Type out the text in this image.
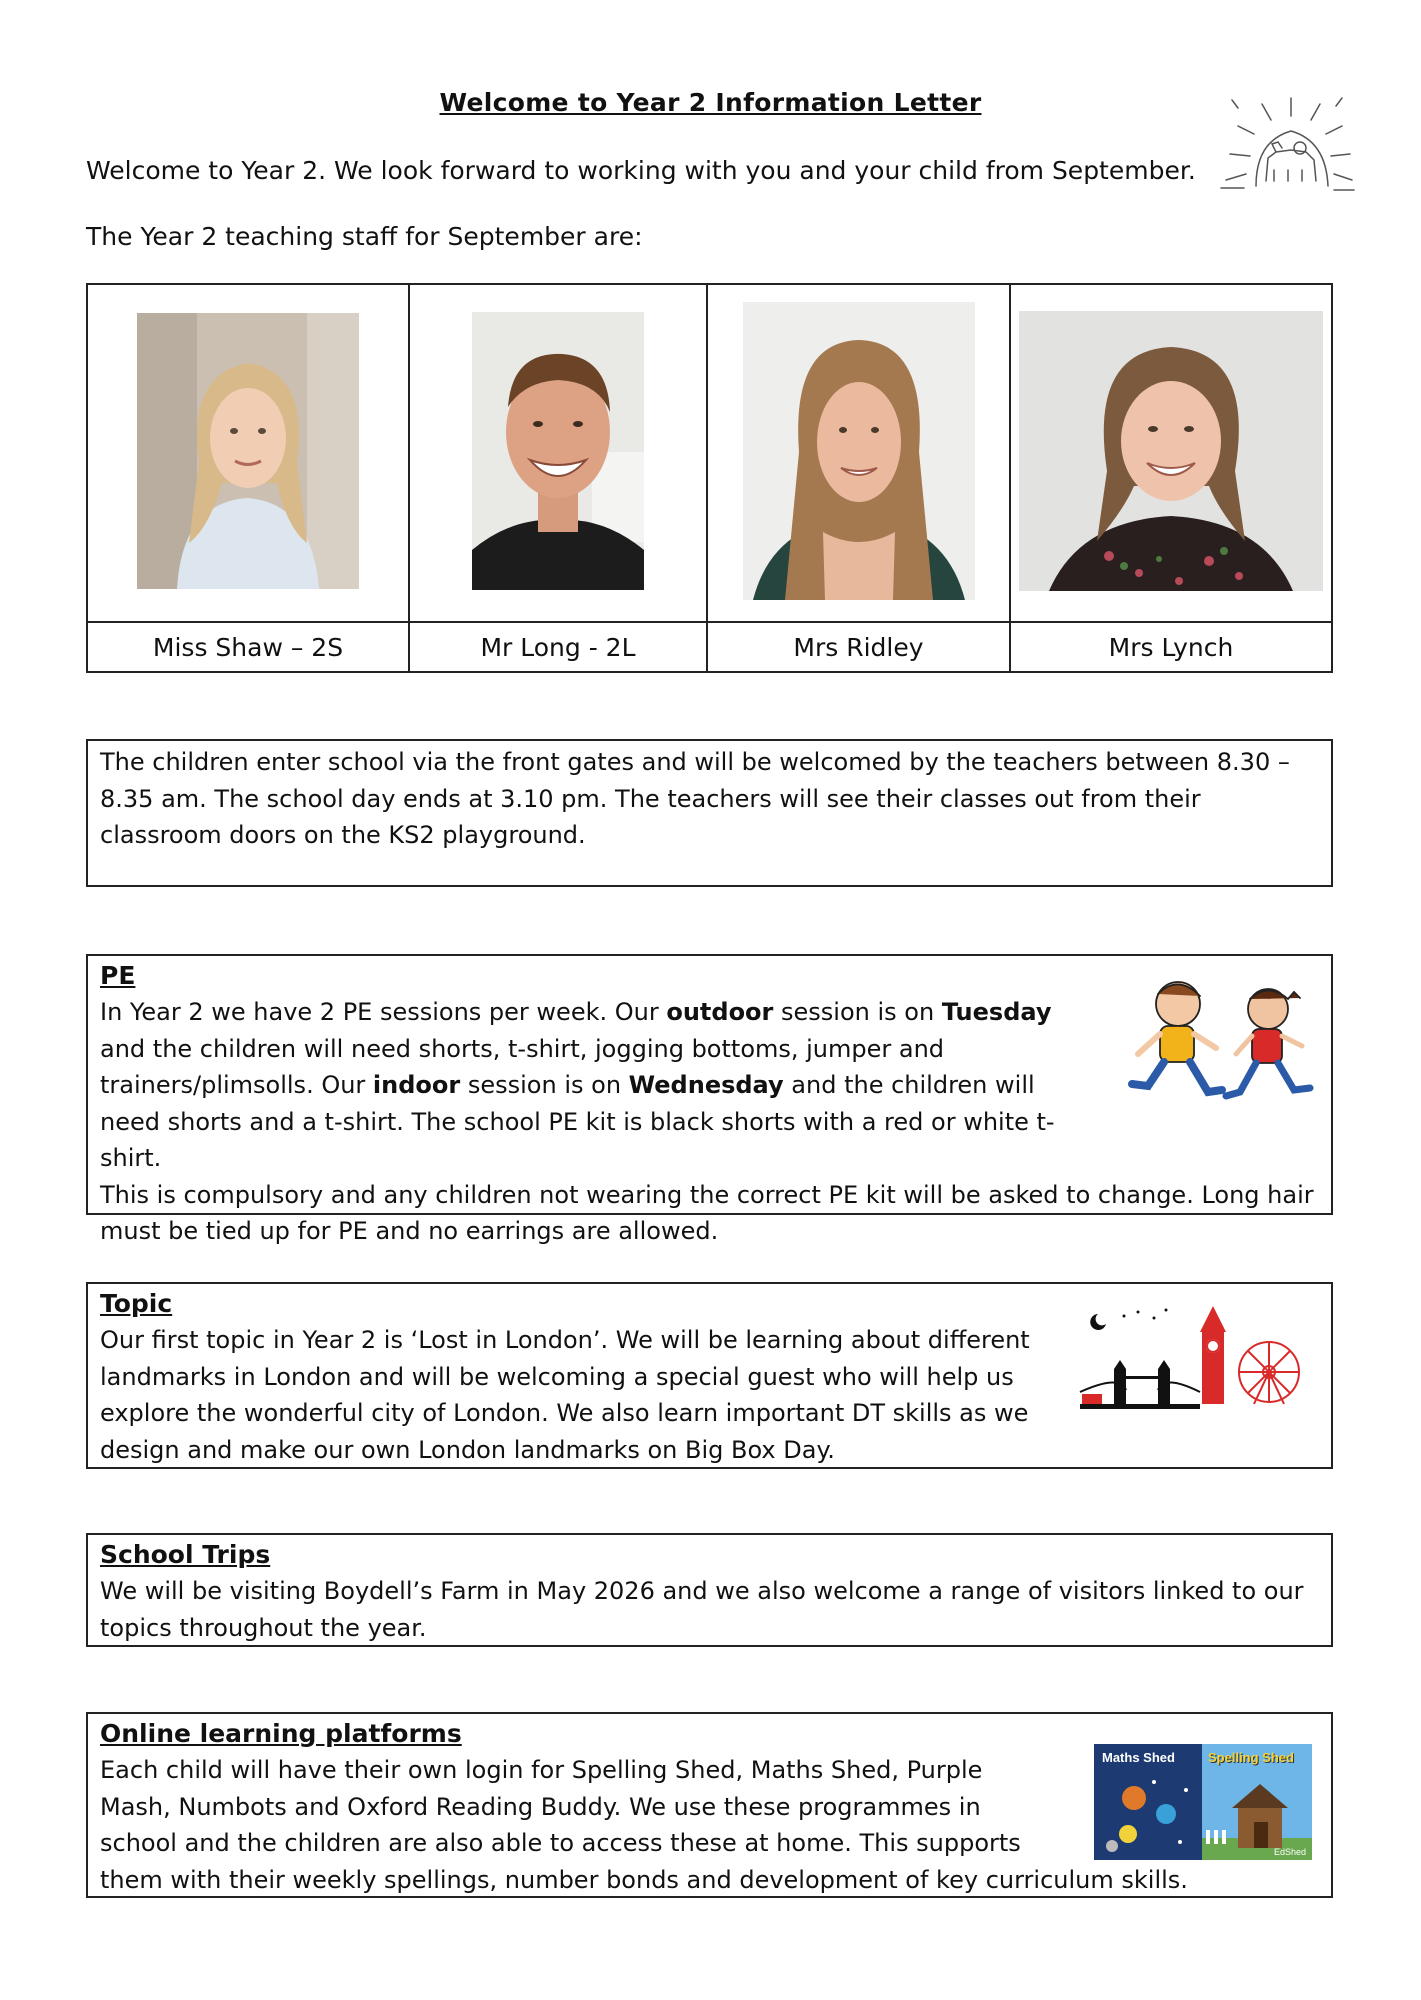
Welcome to Year 2 Information Letter
Welcome to Year 2. We look forward to working with you and your child from September.
The Year 2 teaching staff for September are:

Miss Shaw – 2S	Mr Long - 2L	Mrs Ridley	Mrs Lynch

The children enter school via the front gates and will be welcomed by the teachers between 8.30 – 8.35 am. The school day ends at 3.10 pm. The teachers will see their classes out from their classroom doors on the KS2 playground.

PE
In Year 2 we have 2 PE sessions per week. Our outdoor session is on Tuesday and the children will need shorts, t-shirt, jogging bottoms, jumper and trainers/plimsolls. Our indoor session is on Wednesday and the children will need shorts and a t-shirt. The school PE kit is black shorts with a red or white t-shirt.
This is compulsory and any children not wearing the correct PE kit will be asked to change. Long hair must be tied up for PE and no earrings are allowed.
Topic
Our first topic in Year 2 is ‘Lost in London’. We will be learning about different landmarks in London and will be welcoming a special guest who will help us explore the wonderful city of London. We also learn important DT skills as we design and make our own London landmarks on Big Box Day.
School Trips
We will be visiting Boydell’s Farm in May 2026 and we also welcome a range of visitors linked to our topics throughout the year.
Online learning platforms
Each child will have their own login for Spelling Shed, Maths Shed, Purple Mash, Numbots and Oxford Reading Buddy. We use these programmes in school and the children are also able to access these at home. This supports
them with their weekly spellings, number bonds and development of key curriculum skills.
Maths Shed	Spelling Shed
EdShed
